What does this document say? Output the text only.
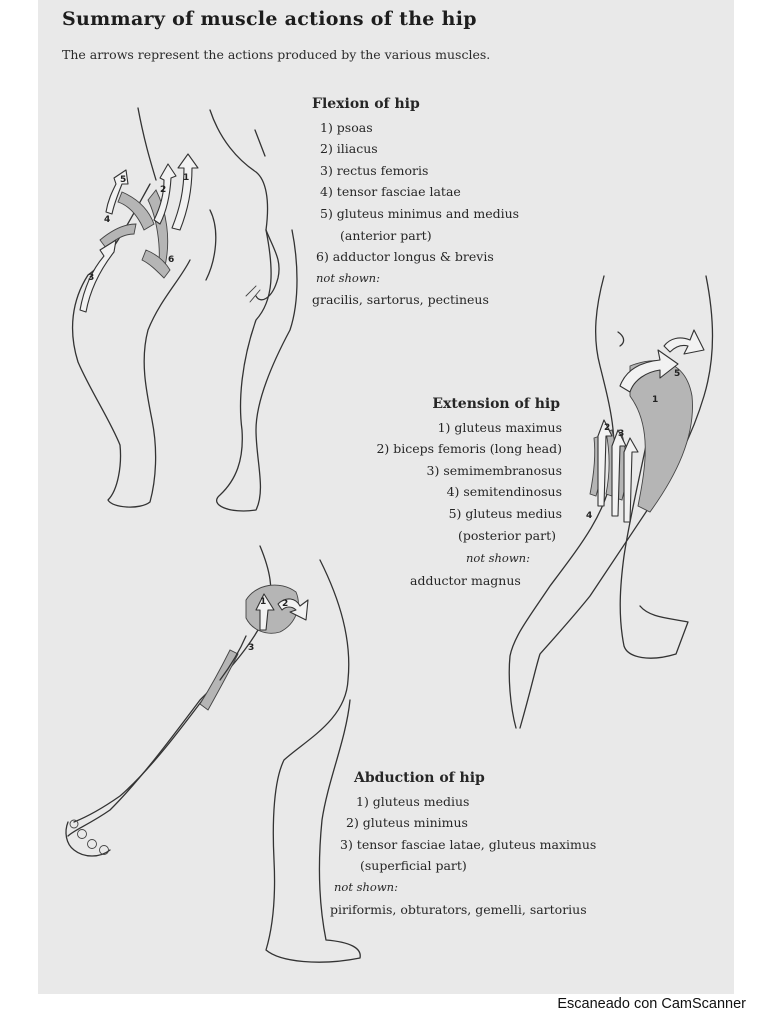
Summary of muscle actions of the hip
The arrows represent the actions produced by the various muscles.
1
2
3
4
5
6
Flexion of hip
1) psoas
2) iliacus
3) rectus femoris
4) tensor fasciae latae
5) gluteus minimus and medius
(anterior part)
6) adductor longus & brevis
not shown:
gracilis, sartorus, pectineus
1
2
3
4
5
Extension of hip
1) gluteus maximus
2) biceps femoris (long head)
3) semimembranosus
4) semitendinosus
5) gluteus medius
(posterior part)
not shown:
adductor magnus
1 2
3
Abduction of hip
1) gluteus medius
2) gluteus minimus
3) tensor fasciae latae, gluteus maximus
(superficial part)
not shown:
piriformis, obturators, gemelli, sartorius
Escaneado con CamScanner
